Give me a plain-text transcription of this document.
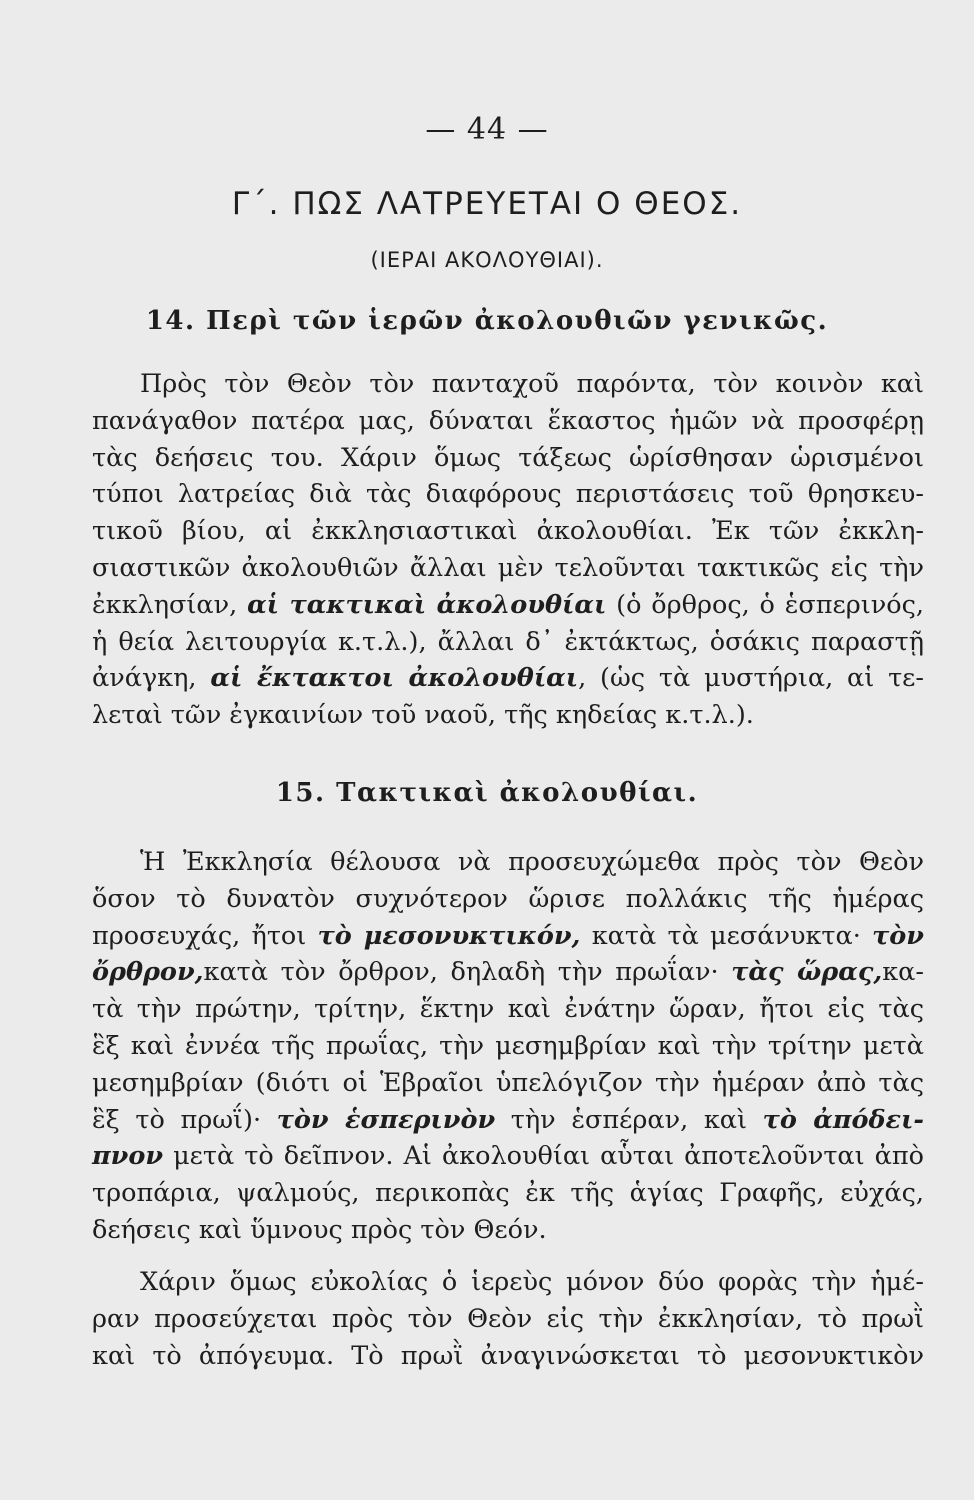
— 44 —
Γ΄. ΠΩΣ ΛΑΤΡΕΥΕΤΑΙ Ο ΘΕΟΣ.
(ΙΕΡΑΙ ΑΚΟΛΟΥΘΙΑΙ).
14. Περὶ τῶν ἱερῶν ἀκολουθιῶν γενικῶς.

Πρὸς τὸν Θεὸν τὸν πανταχοῦ παρόντα, τὸν κοινὸν καὶ
πανάγαθον πατέρα μας, δύναται ἕκαστος ἡμῶν νὰ προσφέρῃ
τὰς δεήσεις του. Χάριν ὅμως τάξεως ὡρίσθησαν ὡρισμένοι
τύποι λατρείας διὰ τὰς διαφόρους περιστάσεις τοῦ θρησκευ-
τικοῦ βίου, αἱ ἐκκλησιαστικαὶ ἀκολουθίαι. Ἐκ τῶν ἐκκλη-
σιαστικῶν ἀκολουθιῶν ἄλλαι μὲν τελοῦνται τακτικῶς εἰς τὴν
ἐκκλησίαν, αἱ τακτικαὶ ἀκολουθίαι (ὁ ὄρθρος, ὁ ἑσπερινός,
ἡ θεία λειτουργία κ.τ.λ.), ἄλλαι δ᾽ ἐκτάκτως, ὁσάκις παραστῇ
ἀνάγκη, αἱ ἔκτακτοι ἀκολουθίαι, (ὡς τὰ μυστήρια, αἱ τε-
λεταὶ τῶν ἐγκαινίων τοῦ ναοῦ, τῆς κηδείας κ.τ.λ.).

15. Τακτικαὶ ἀκολουθίαι.

Ἡ Ἐκκλησία θέλουσα νὰ προσευχώμεθα πρὸς τὸν Θεὸν
ὅσον τὸ δυνατὸν συχνότερον ὥρισε πολλάκις τῆς ἡμέρας
προσευχάς, ἤτοι τὸ μεσονυκτικόν, κατὰ τὰ μεσάνυκτα· τὸν
ὄρθρον,κατὰ τὸν ὄρθρον, δηλαδὴ τὴν πρωΐαν· τὰς ὥρας,κα-
τὰ τὴν πρώτην, τρίτην, ἕκτην καὶ ἐνάτην ὥραν, ἤτοι εἰς τὰς
ἓξ καὶ ἐννέα τῆς πρωΐας, τὴν μεσημβρίαν καὶ τὴν τρίτην μετὰ
μεσημβρίαν (διότι οἱ Ἑβραῖοι ὑπελόγιζον τὴν ἡμέραν ἀπὸ τὰς
ἓξ τὸ πρωΐ)· τὸν ἑσπερινὸν τὴν ἑσπέραν, καὶ τὸ ἀπόδει-
πνον μετὰ τὸ δεῖπνον. Αἱ ἀκολουθίαι αὗται ἀποτελοῦνται ἀπὸ
τροπάρια, ψαλμούς, περικοπὰς ἐκ τῆς ἁγίας Γραφῆς, εὐχάς,
δεήσεις καὶ ὕμνους πρὸς τὸν Θεόν.

Χάριν ὅμως εὐκολίας ὁ ἱερεὺς μόνον δύο φορὰς τὴν ἡμέ-
ραν προσεύχεται πρὸς τὸν Θεὸν εἰς τὴν ἐκκλησίαν, τὸ πρωῒ
καὶ τὸ ἀπόγευμα. Τὸ πρωῒ ἀναγινώσκεται τὸ μεσονυκτικὸν
